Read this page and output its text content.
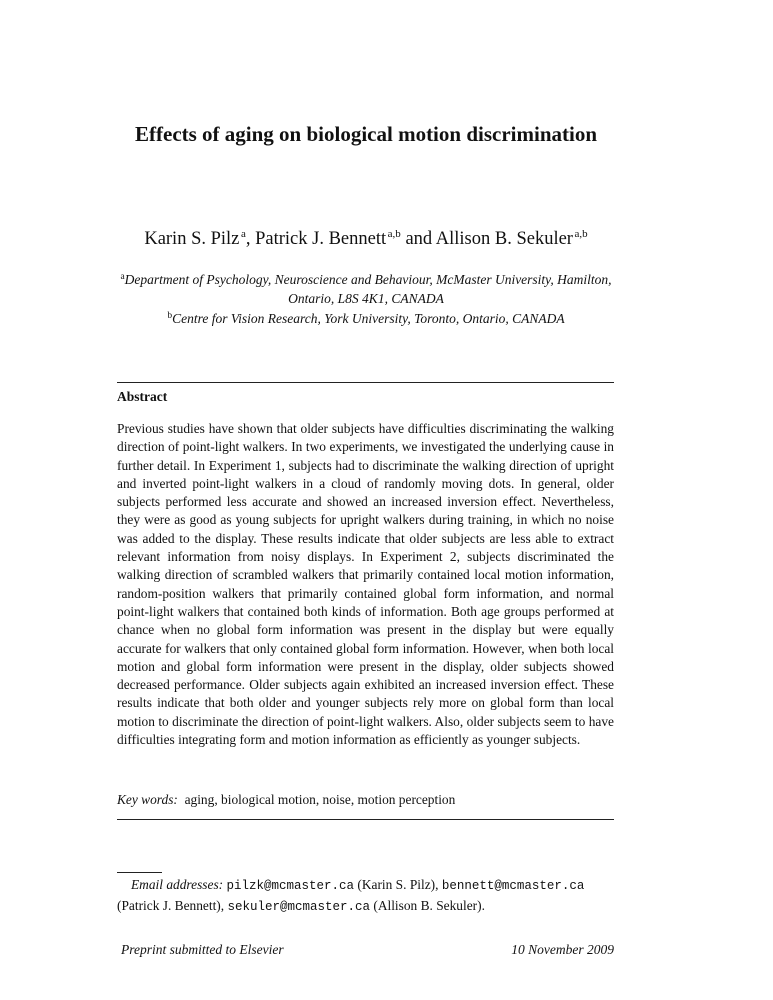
Effects of aging on biological motion discrimination
Karin S. Pilz  $^a$, Patrick J. Bennett  $^{a,b}$ and Allison B. Sekuler  $^{a,b}$
$^a$Department of Psychology, Neuroscience and Behaviour, McMaster University, Hamilton, Ontario, L8S 4K1, CANADA
$^b$Centre for Vision Research, York University, Toronto, Ontario, CANADA
Abstract
Previous studies have shown that older subjects have difficulties discriminating the walking direction of point-light walkers. In two experiments, we investigated the underlying cause in further detail. In Experiment 1, subjects had to discriminate the walking direction of upright and inverted point-light walkers in a cloud of randomly moving dots. In general, older subjects performed less accurate and showed an increased inversion effect. Nevertheless, they were as good as young subjects for upright walkers during training, in which no noise was added to the display. These results indicate that older subjects are less able to extract relevant information from noisy displays. In Experiment 2, subjects discriminated the walking direction of scrambled walkers that primarily contained local motion information, random-position walkers that primarily contained global form information, and normal point-light walkers that contained both kinds of information. Both age groups performed at chance when no global form information was present in the display but were equally accurate for walkers that only contained global form information. However, when both local motion and global form information were present in the display, older subjects showed decreased performance. Older subjects again exhibited an increased inversion effect. These results indicate that both older and younger subjects rely more on global form than local motion to discriminate the direction of point-light walkers. Also, older subjects seem to have difficulties integrating form and motion information as efficiently as younger subjects.
Key words: aging, biological motion, noise, motion perception
Email addresses: pilzk@mcmaster.ca (Karin S. Pilz), bennett@mcmaster.ca (Patrick J. Bennett), sekuler@mcmaster.ca (Allison B. Sekuler).
Preprint submitted to Elsevier	10 November 2009
